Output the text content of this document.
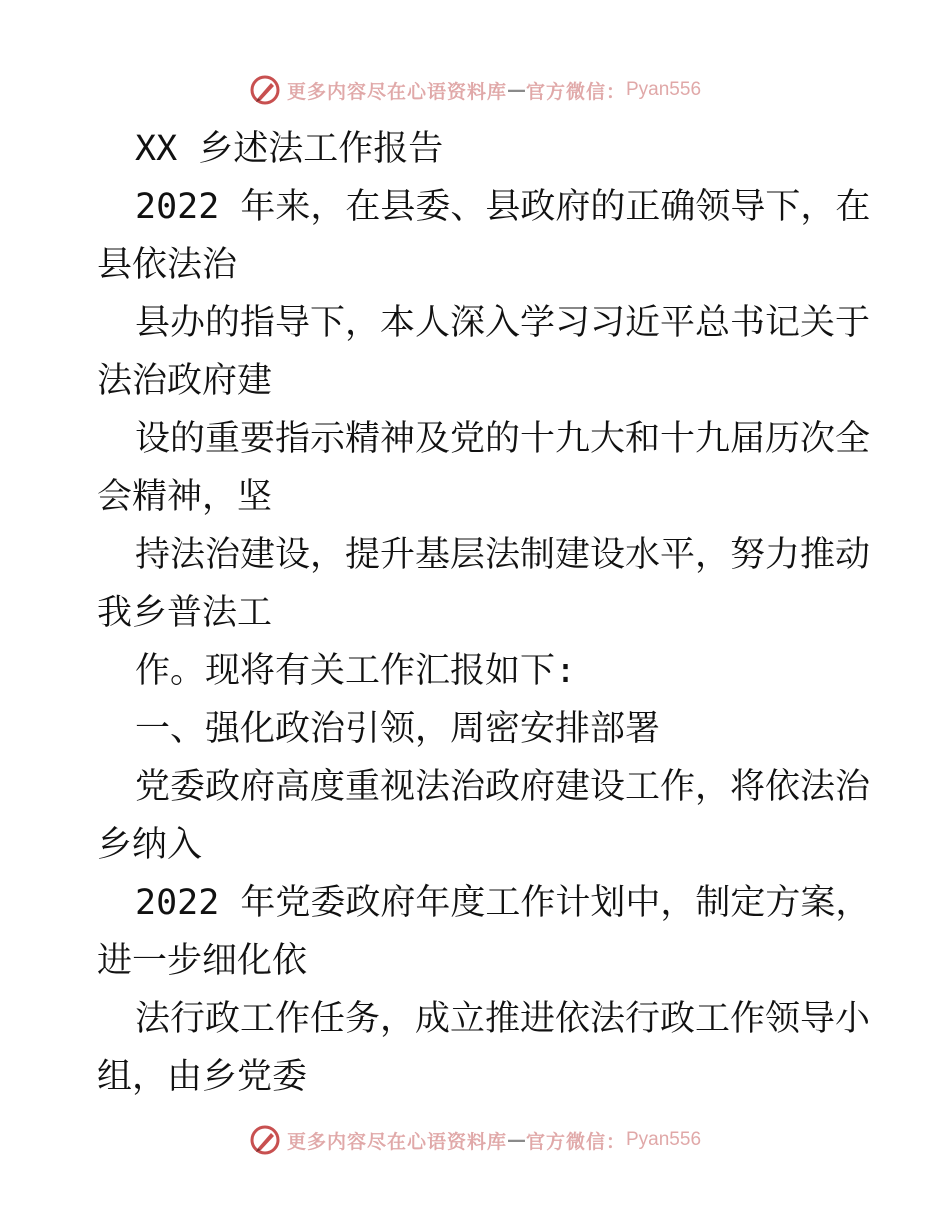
更多内容尽在心语资料库 — 官方微信： Pyan556
XX 乡述法工作报告
2022 年来，在县委、县政府的正确领导下，在
县依法治
县办的指导下，本人深入学习习近平总书记关于
法治政府建
设的重要指示精神及党的十九大和十九届历次全
会精神，坚
持法治建设，提升基层法制建设水平，努力推动
我乡普法工
作。现将有关工作汇报如下:
一、强化政治引领，周密安排部署
党委政府高度重视法治政府建设工作，将依法治
乡纳入
2022 年党委政府年度工作计划中，制定方案，
进一步细化依
法行政工作任务，成立推进依法行政工作领导小
组，由乡党委
更多内容尽在心语资料库 — 官方微信： Pyan556
